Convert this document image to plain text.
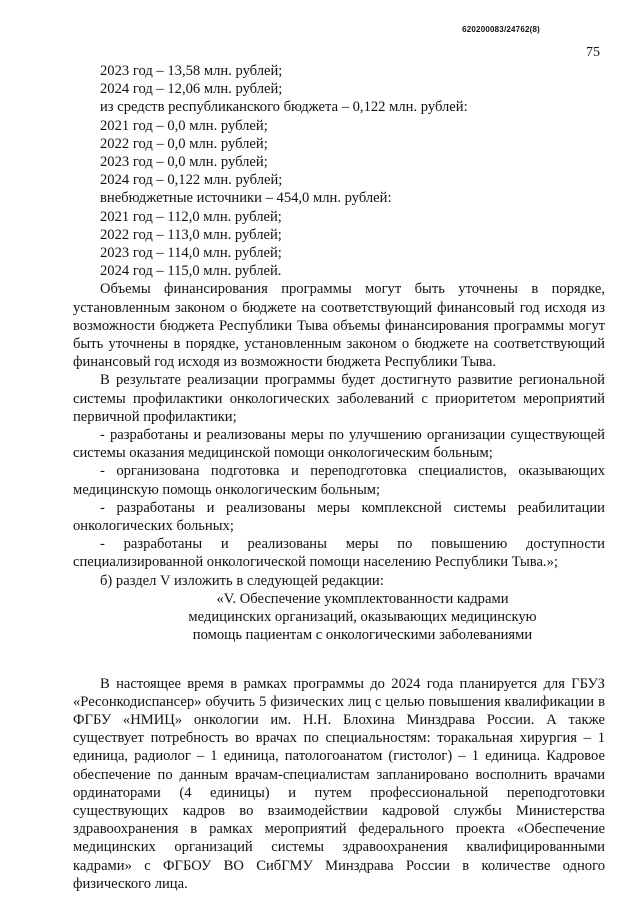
620200083/24762(8)
75
2023 год – 13,58 млн. рублей;
2024 год – 12,06 млн. рублей;
из средств республиканского бюджета – 0,122 млн. рублей:
2021 год – 0,0 млн. рублей;
2022 год – 0,0 млн. рублей;
2023 год – 0,0 млн. рублей;
2024 год – 0,122 млн. рублей;
внебюджетные источники – 454,0 млн. рублей:
2021 год – 112,0 млн. рублей;
2022 год – 113,0 млн. рублей;
2023 год – 114,0 млн. рублей;
2024 год – 115,0 млн. рублей.

Объемы финансирования программы могут быть уточнены в порядке, установленным законом о бюджете на соответствующий финансовый год исходя из возможности бюджета Республики Тыва объемы финансирования программы могут быть уточнены в порядке, установленным законом о бюджете на соответствующий финансовый год исходя из возможности бюджета Республики Тыва.

В результате реализации программы будет достигнуто развитие региональной системы профилактики онкологических заболеваний с приоритетом мероприятий первичной профилактики;

- разработаны и реализованы меры по улучшению организации существующей системы оказания медицинской помощи онкологическим больным;

- организована подготовка и переподготовка специалистов, оказывающих медицинскую помощь онкологическим больным;

- разработаны и реализованы меры комплексной системы реабилитации онкологических больных;

- разработаны и реализованы меры по повышению доступности специализированной онкологической помощи населению Республики Тыва.»;

б) раздел V изложить в следующей редакции:

«V. Обеспечение укомплектованности кадрами
медицинских организаций, оказывающих медицинскую
помощь пациентам с онкологическими заболеваниями

В настоящее время в рамках программы до 2024 года планируется для ГБУЗ «Ресонкодиспансер» обучить 5 физических лиц с целью повышения квалификации в ФГБУ «НМИЦ» онкологии им. Н.Н. Блохина Минздрава России. А также существует потребность во врачах по специальностям: торакальная хирургия – 1 единица, радиолог – 1 единица, патологоанатом (гистолог) – 1 единица. Кадровое обеспечение по данным врачам-специалистам запланировано восполнить врачами ординаторами (4 единицы) и путем профессиональной переподготовки существующих кадров во взаимодействии кадровой службы Министерства здравоохранения в рамках мероприятий федерального проекта «Обеспечение медицинских организаций системы здравоохранения квалифицированными кадрами» с ФГБОУ ВО СибГМУ Минздрава России в количестве одного физического лица.
